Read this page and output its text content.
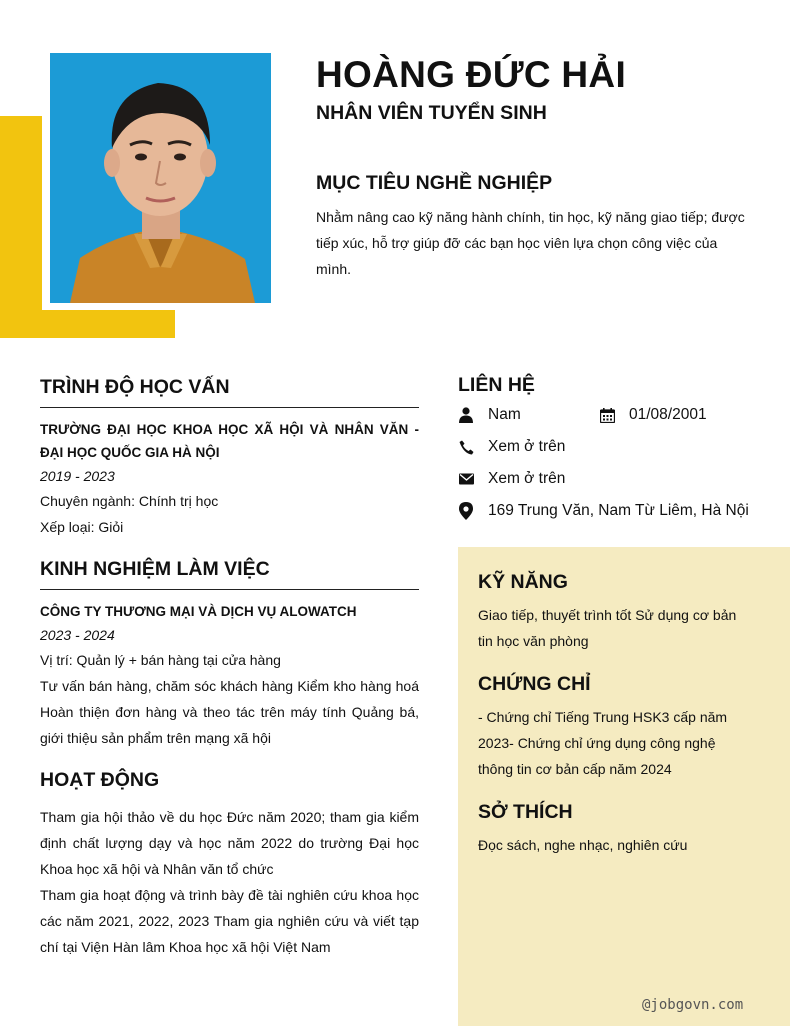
HOÀNG ĐỨC HẢI
NHÂN VIÊN TUYỂN SINH
MỤC TIÊU NGHỀ NGHIỆP
Nhằm nâng cao kỹ năng hành chính, tin học, kỹ năng giao tiếp; được tiếp xúc, hỗ trợ giúp đỡ các bạn học viên lựa chọn công việc của mình.
TRÌNH ĐỘ HỌC VẤN
TRƯỜNG ĐẠI HỌC KHOA HỌC XÃ HỘI VÀ NHÂN VĂN - ĐẠI HỌC QUỐC GIA HÀ NỘI
2019 - 2023
Chuyên ngành: Chính trị học
Xếp loại: Giỏi
KINH NGHIỆM LÀM VIỆC
CÔNG TY THƯƠNG MẠI VÀ DỊCH VỤ ALOWATCH
2023 - 2024
Vị trí: Quản lý + bán hàng tại cửa hàng
Tư vấn bán hàng, chăm sóc khách hàng Kiểm kho hàng hoá Hoàn thiện đơn hàng và theo tác trên máy tính Quảng bá, giới thiệu sản phẩm trên mạng xã hội
HOẠT ĐỘNG
Tham gia hội thảo về du học Đức năm 2020; tham gia kiểm định chất lượng dạy và học năm 2022 do trường Đại học Khoa học xã hội và Nhân văn tổ chức
Tham gia hoạt động và trình bày đề tài nghiên cứu khoa học các năm 2021, 2022, 2023 Tham gia nghiên cứu và viết tạp chí tại Viện Hàn lâm Khoa học xã hội Việt Nam
LIÊN HỆ
Nam	01/08/2001
Xem ở trên
Xem ở trên
169 Trung Văn, Nam Từ Liêm, Hà Nội
KỸ NĂNG
Giao tiếp, thuyết trình tốt Sử dụng cơ bản tin học văn phòng
CHỨNG CHỈ
- Chứng chỉ Tiếng Trung HSK3 cấp năm 2023- Chứng chỉ ứng dụng công nghệ thông tin cơ bản cấp năm 2024
SỞ THÍCH
Đọc sách, nghe nhạc, nghiên cứu
@jobgovn.com
